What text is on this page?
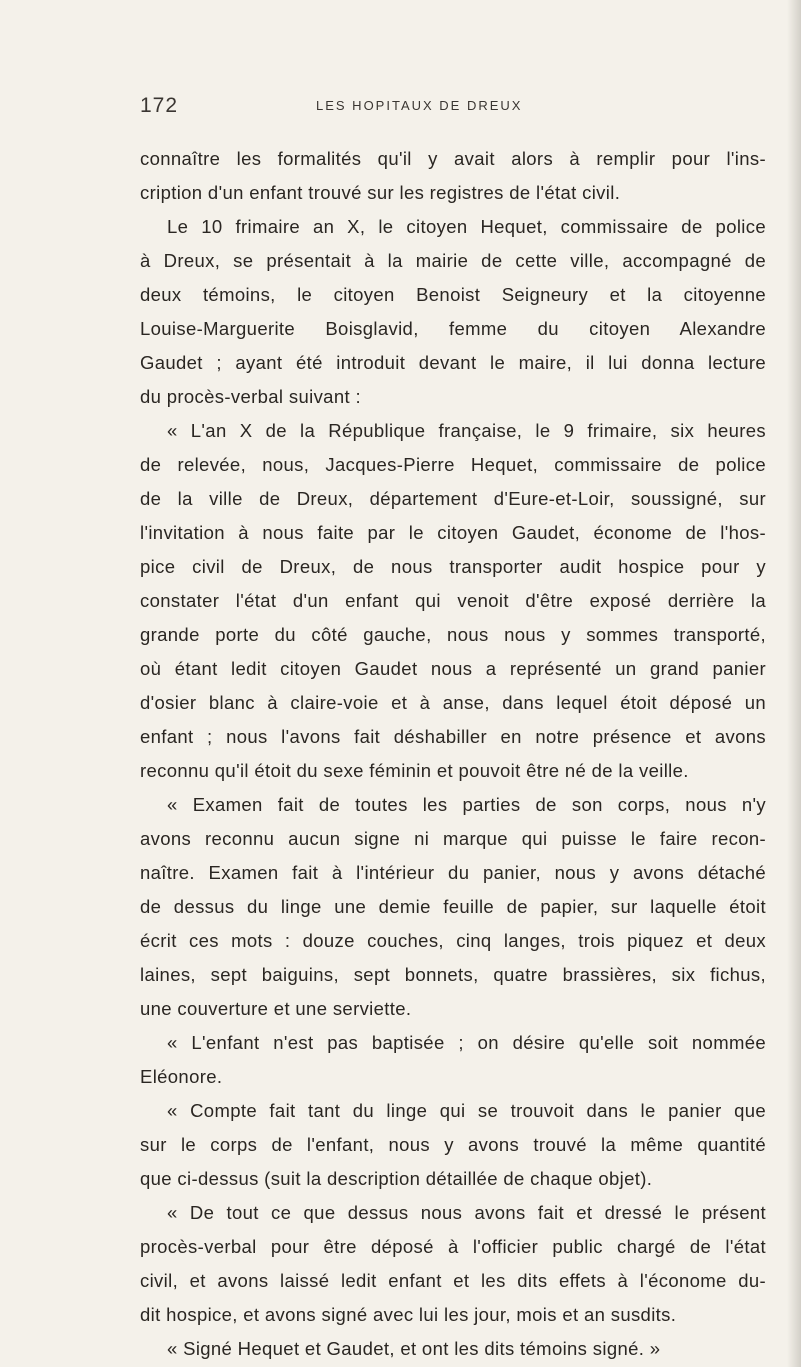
172	LES HOPITAUX DE DREUX
connaître les formalités qu'il y avait alors à remplir pour l'ins-
cription d'un enfant trouvé sur les registres de l'état civil.
Le 10 frimaire an X, le citoyen Hequet, commissaire de police
à Dreux, se présentait à la mairie de cette ville, accompagné de
deux témoins, le citoyen Benoist Seigneury et la citoyenne
Louise-Marguerite Boisglavid, femme du citoyen Alexandre
Gaudet ; ayant été introduit devant le maire, il lui donna lecture
du procès-verbal suivant :
« L'an X de la République française, le 9 frimaire, six heures
de relevée, nous, Jacques-Pierre Hequet, commissaire de police
de la ville de Dreux, département d'Eure-et-Loir, soussigné, sur
l'invitation à nous faite par le citoyen Gaudet, économe de l'hos-
pice civil de Dreux, de nous transporter audit hospice pour y
constater l'état d'un enfant qui venoit d'être exposé derrière la
grande porte du côté gauche, nous nous y sommes transporté,
où étant ledit citoyen Gaudet nous a représenté un grand panier
d'osier blanc à claire-voie et à anse, dans lequel étoit déposé un
enfant ; nous l'avons fait déshabiller en notre présence et avons
reconnu qu'il étoit du sexe féminin et pouvoit être né de la veille.
« Examen fait de toutes les parties de son corps, nous n'y
avons reconnu aucun signe ni marque qui puisse le faire recon-
naître. Examen fait à l'intérieur du panier, nous y avons détaché
de dessus du linge une demie feuille de papier, sur laquelle étoit
écrit ces mots : douze couches, cinq langes, trois piquez et deux
laines, sept baiguins, sept bonnets, quatre brassières, six fichus,
une couverture et une serviette.
« L'enfant n'est pas baptisée ; on désire qu'elle soit nommée
Eléonore.
« Compte fait tant du linge qui se trouvoit dans le panier que
sur le corps de l'enfant, nous y avons trouvé la même quantité
que ci-dessus (suit la description détaillée de chaque objet).
« De tout ce que dessus nous avons fait et dressé le présent
procès-verbal pour être déposé à l'officier public chargé de l'état
civil, et avons laissé ledit enfant et les dits effets à l'économe du-
dit hospice, et avons signé avec lui les jour, mois et an susdits.
« Signé Hequet et Gaudet, et ont les dits témoins signé. »
